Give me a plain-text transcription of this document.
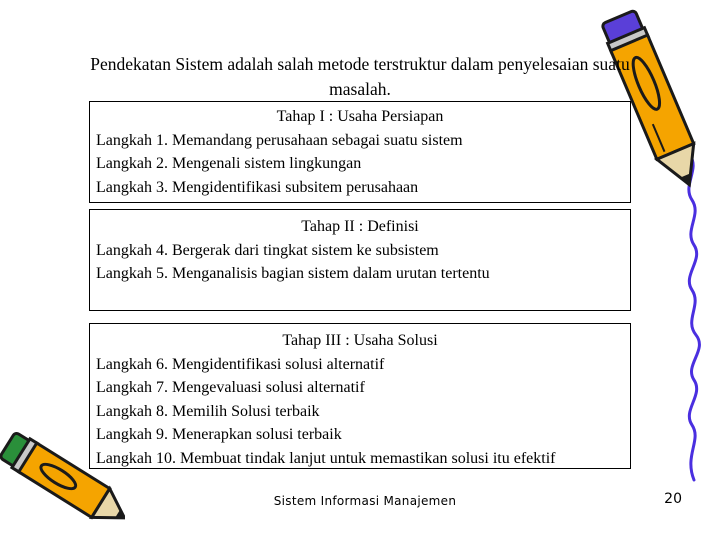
Pendekatan Sistem adalah salah metode terstruktur dalam penyelesaian suatu masalah.
Tahap I : Usaha Persiapan
Langkah 1. Memandang perusahaan sebagai suatu sistem
Langkah 2. Mengenali sistem lingkungan
Langkah 3. Mengidentifikasi subsitem perusahaan
Tahap II : Definisi
Langkah 4. Bergerak dari tingkat sistem ke subsistem
Langkah 5. Menganalisis bagian sistem dalam urutan tertentu
Tahap III : Usaha Solusi
Langkah 6. Mengidentifikasi solusi alternatif
Langkah 7. Mengevaluasi solusi alternatif
Langkah 8. Memilih Solusi terbaik
Langkah 9. Menerapkan solusi terbaik
Langkah 10. Membuat tindak lanjut untuk memastikan solusi itu efektif
Sistem Informasi Manajemen	20
